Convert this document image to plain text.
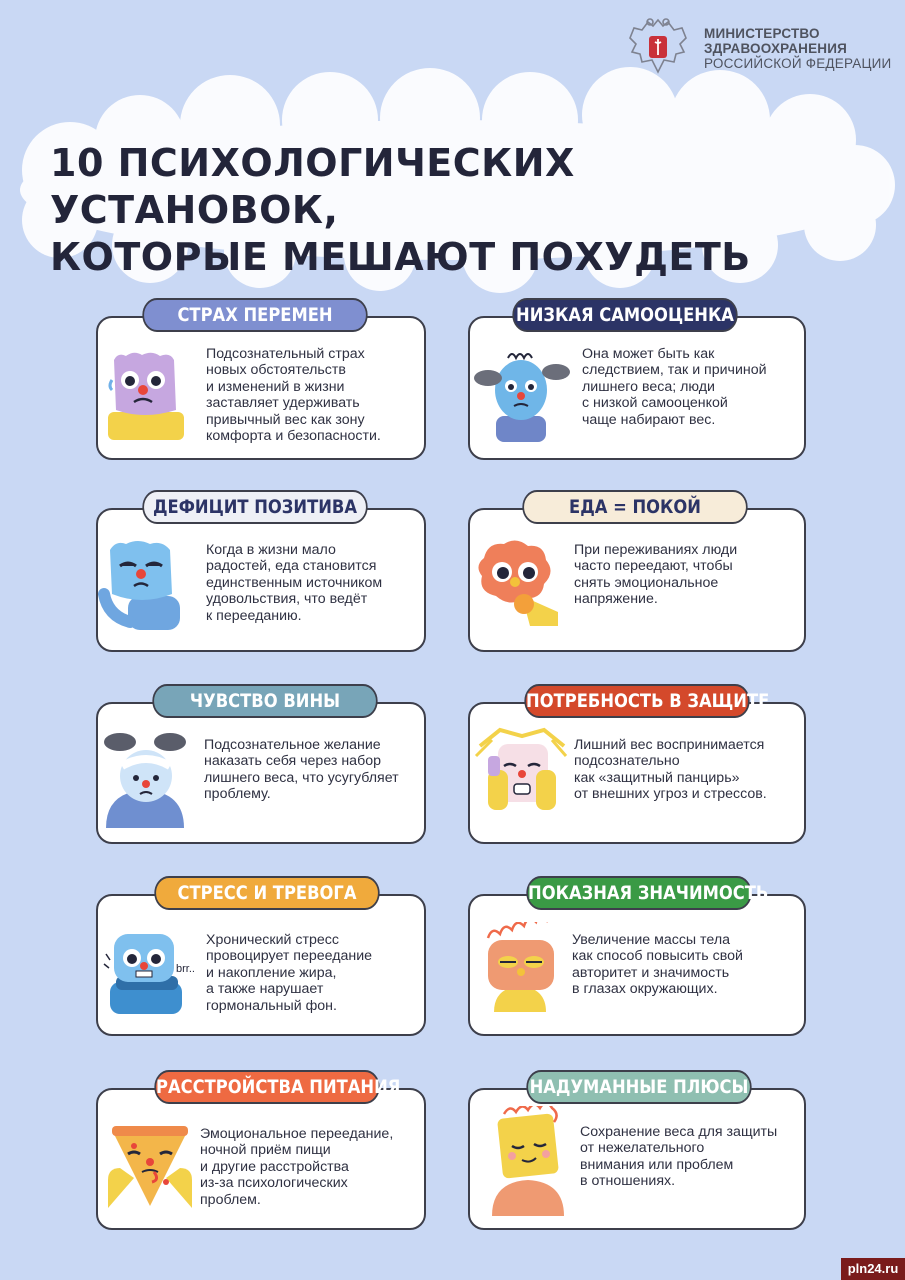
МИНИСТЕРСТВО
ЗДРАВООХРАНЕНИЯ
РОССИЙСКОЙ ФЕДЕРАЦИИ
10 ПСИХОЛОГИЧЕСКИХ УСТАНОВОК,
КОТОРЫЕ МЕШАЮТ ПОХУДЕТЬ
СТРАХ ПЕРЕМЕН
Подсознательный страх
новых обстоятельств
и изменений в жизни
заставляет удерживать
привычный вес как зону
комфорта и безопасности.
НИЗКАЯ САМООЦЕНКА
Она может быть как
следствием, так и причиной
лишнего веса; люди
с низкой самооценкой
чаще набирают вес.
ДЕФИЦИТ ПОЗИТИВА
Когда в жизни мало
радостей, еда становится
единственным источником
удовольствия, что ведёт
к перееданию.
ЕДА = ПОКОЙ
При переживаниях люди
часто переедают, чтобы
снять эмоциональное
напряжение.
ЧУВСТВО ВИНЫ
Подсознательное желание
наказать себя через набор
лишнего веса, что усугубляет
проблему.
ПОТРЕБНОСТЬ В ЗАЩИТЕ
Лишний вес воспринимается
подсознательно
как «защитный панцирь»
от внешних угроз и стрессов.
brr..
СТРЕСС И ТРЕВОГА
Хронический стресс
провоцирует переедание
и накопление жира,
а также нарушает
гормональный фон.
ПОКАЗНАЯ ЗНАЧИМОСТЬ
Увеличение массы тела
как способ повысить свой
авторитет и значимость
в глазах окружающих.
РАССТРОЙСТВА ПИТАНИЯ
Эмоциональное переедание,
ночной приём пищи
и другие расстройства
из-за психологических
проблем.
НАДУМАННЫЕ ПЛЮСЫ
Сохранение веса для защиты
от нежелательного
внимания или проблем
в отношениях.
pln24.ru
